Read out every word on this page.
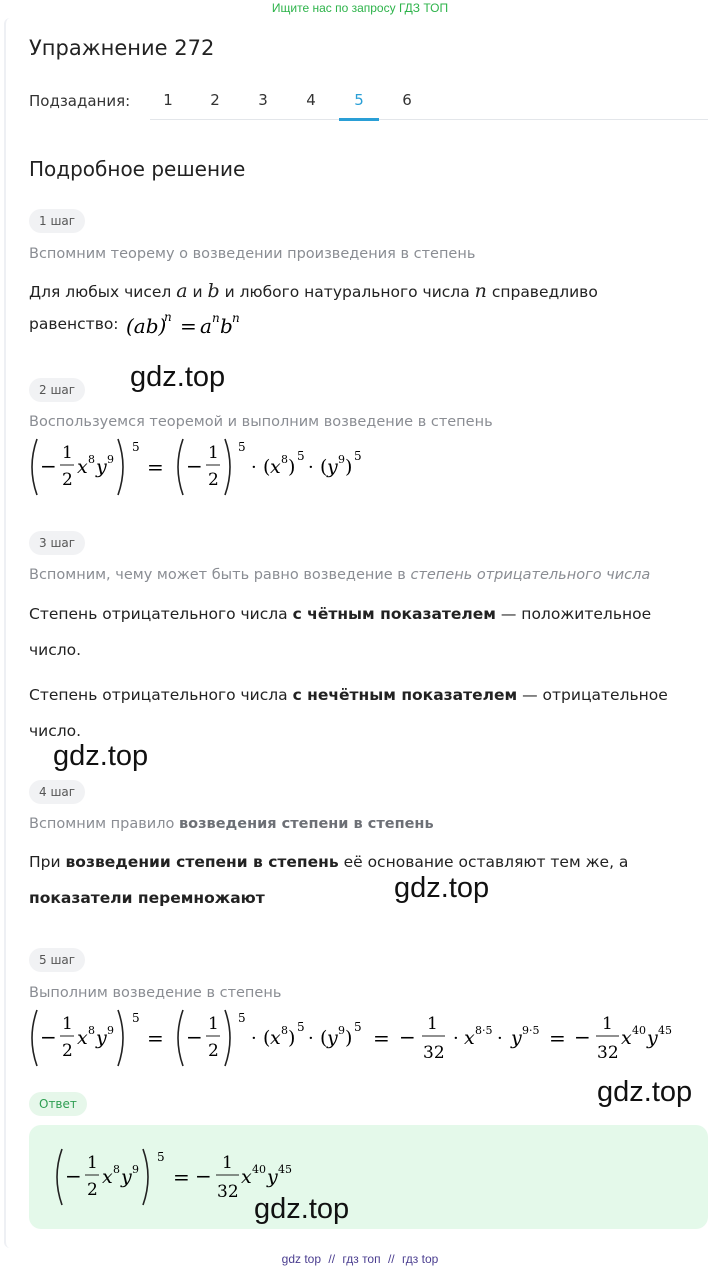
Ищите нас по запросу ГДЗ ТОП
Упражнение 272
Подзадания:	1	2	3	4	5	6
Подробное решение
1 шаг
Вспомним теорему о возведении произведения в степень
Для любых чисел a и b и любого натурального числа n справедливо
равенство: (ab)
n = a n b n
gdz.top
2 шаг
Воспользуемся теоремой и выполним возведение в степень
−
1
2
x 8 y 9
5
= −
1
2
5
· ( x 8 ) 5
· ( y 9 ) 5
3 шаг
Вспомним, чему может быть равно возведение в степень отрицательного числа
Степень отрицательного числа с чётным показателем — положительное
число.
Степень отрицательного числа с нечётным показателем — отрицательное
число.
gdz.top
4 шаг
Вспомним правило возведения степени в степень
При возведении степени в степень её основание оставляют тем же, а
показатели перемножают	gdz.top
5 шаг
Выполним возведение в степень
−
1
2
x 8 y 9
5
= −
1
2
5
· ( x 8 ) 5
· ( y 9 ) 5 = −
1
32
· x 8·5 · y 9·5 = −
1
32
x 40 y 45
gdz.top
Ответ
−
1
2
x 8 y 9
5
= −
1
32
x 40 y 45
gdz.top
gdz top // гдз топ // гдз top
